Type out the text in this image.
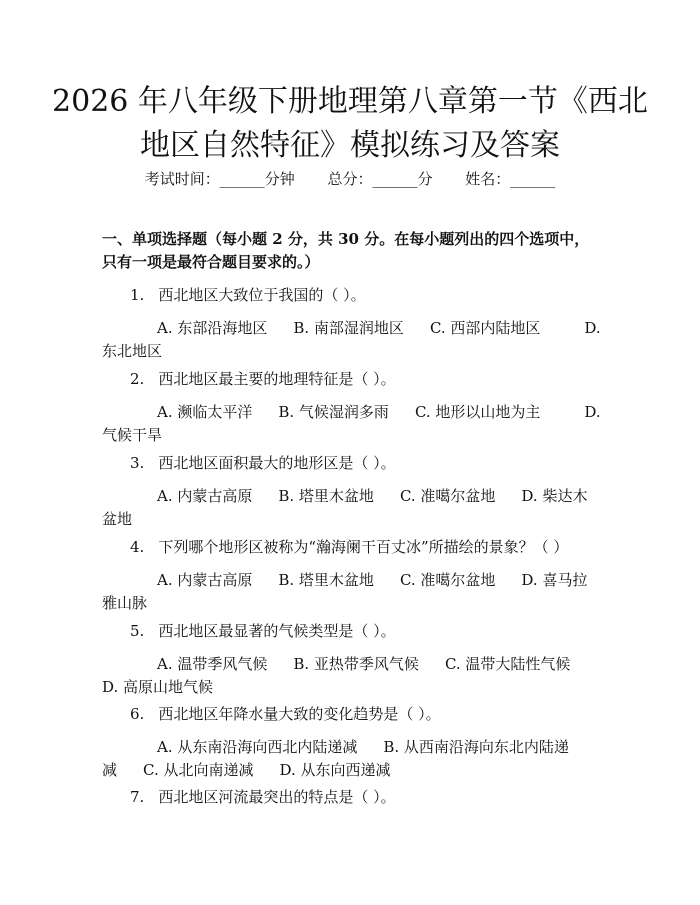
2026 年八年级下册地理第八章第一节《西北
地区自然特征》模拟练习及答案
考试时间：______分钟 总分：______分 姓名：______
一、单项选择题（每小题 2 分，共 30 分。在每小题列出的四个选项中，只有一项是最符合题目要求的。）
1. 西北地区大致位于我国的（ ）。
A. 东部沿海地区 B. 南部湿润地区 C. 西部内陆地区	D. 东北地区
2. 西北地区最主要的地理特征是（ ）。
A. 濒临太平洋 B. 气候湿润多雨 C. 地形以山地为主	D. 气候干旱
3. 西北地区面积最大的地形区是（ ）。
A. 内蒙古高原 B. 塔里木盆地 C. 准噶尔盆地 D. 柴达木盆地
4. 下列哪个地形区被称为“瀚海阑干百丈冰”所描绘的景象？（ ）
A. 内蒙古高原 B. 塔里木盆地 C. 准噶尔盆地 D. 喜马拉雅山脉
5. 西北地区最显著的气候类型是（ ）。
A. 温带季风气候 B. 亚热带季风气候 C. 温带大陆性气候D. 高原山地气候
6. 西北地区年降水量大致的变化趋势是（ ）。
A. 从东南沿海向西北内陆递减 B. 从西南沿海向东北内陆递减 C. 从北向南递减 D. 从东向西递减
7. 西北地区河流最突出的特点是（ ）。
